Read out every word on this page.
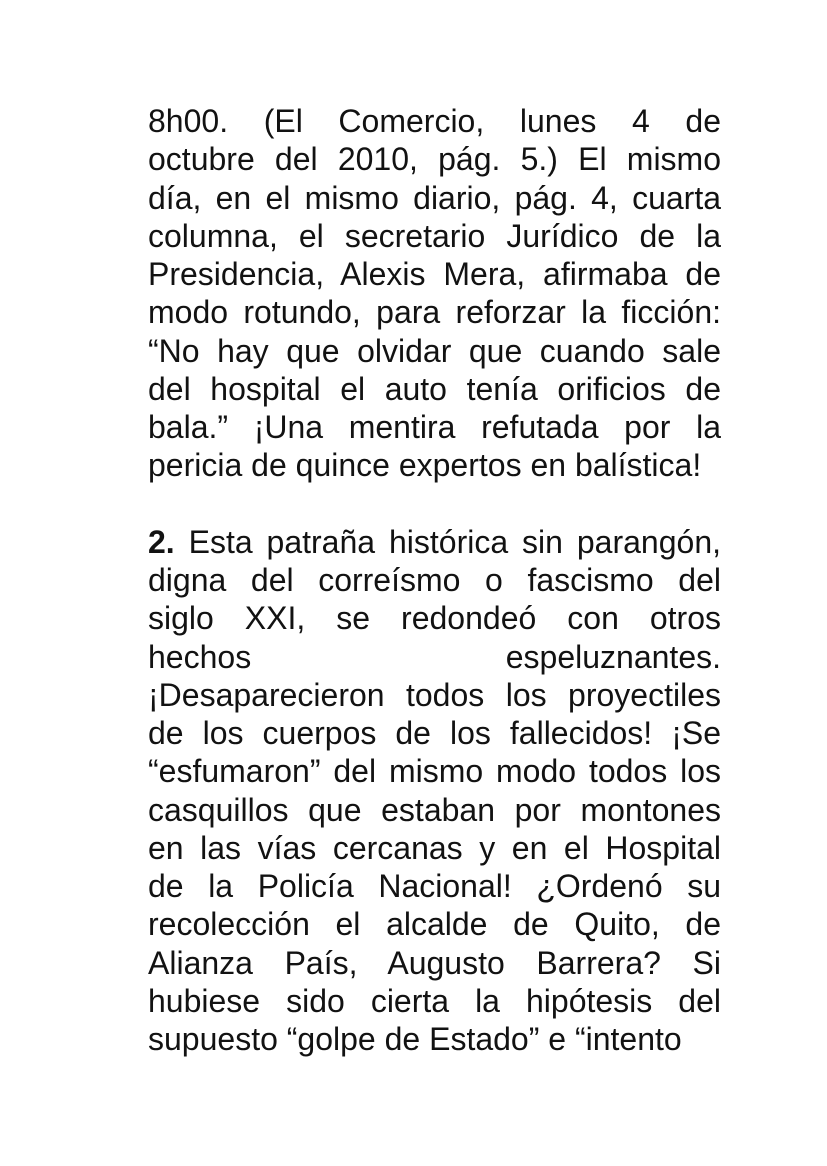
8h00. (El Comercio, lunes 4 de
octubre del 2010, pág. 5.) El mismo
día, en el mismo diario, pág. 4, cuarta
columna, el secretario Jurídico de la
Presidencia, Alexis Mera, afirmaba de
modo rotundo, para reforzar la ficción:
“No hay que olvidar que cuando sale
del hospital el auto tenía orificios de
bala.” ¡Una mentira refutada por la
pericia de quince expertos en balística!
2. Esta patraña histórica sin parangón,
digna del correísmo o fascismo del
siglo XXI, se redondeó con otros
hechos espeluznantes.
¡Desaparecieron todos los proyectiles
de los cuerpos de los fallecidos! ¡Se
“esfumaron” del mismo modo todos los
casquillos que estaban por montones
en las vías cercanas y en el Hospital
de la Policía Nacional! ¿Ordenó su
recolección el alcalde de Quito, de
Alianza País, Augusto Barrera? Si
hubiese sido cierta la hipótesis del
supuesto “golpe de Estado” e “intento
